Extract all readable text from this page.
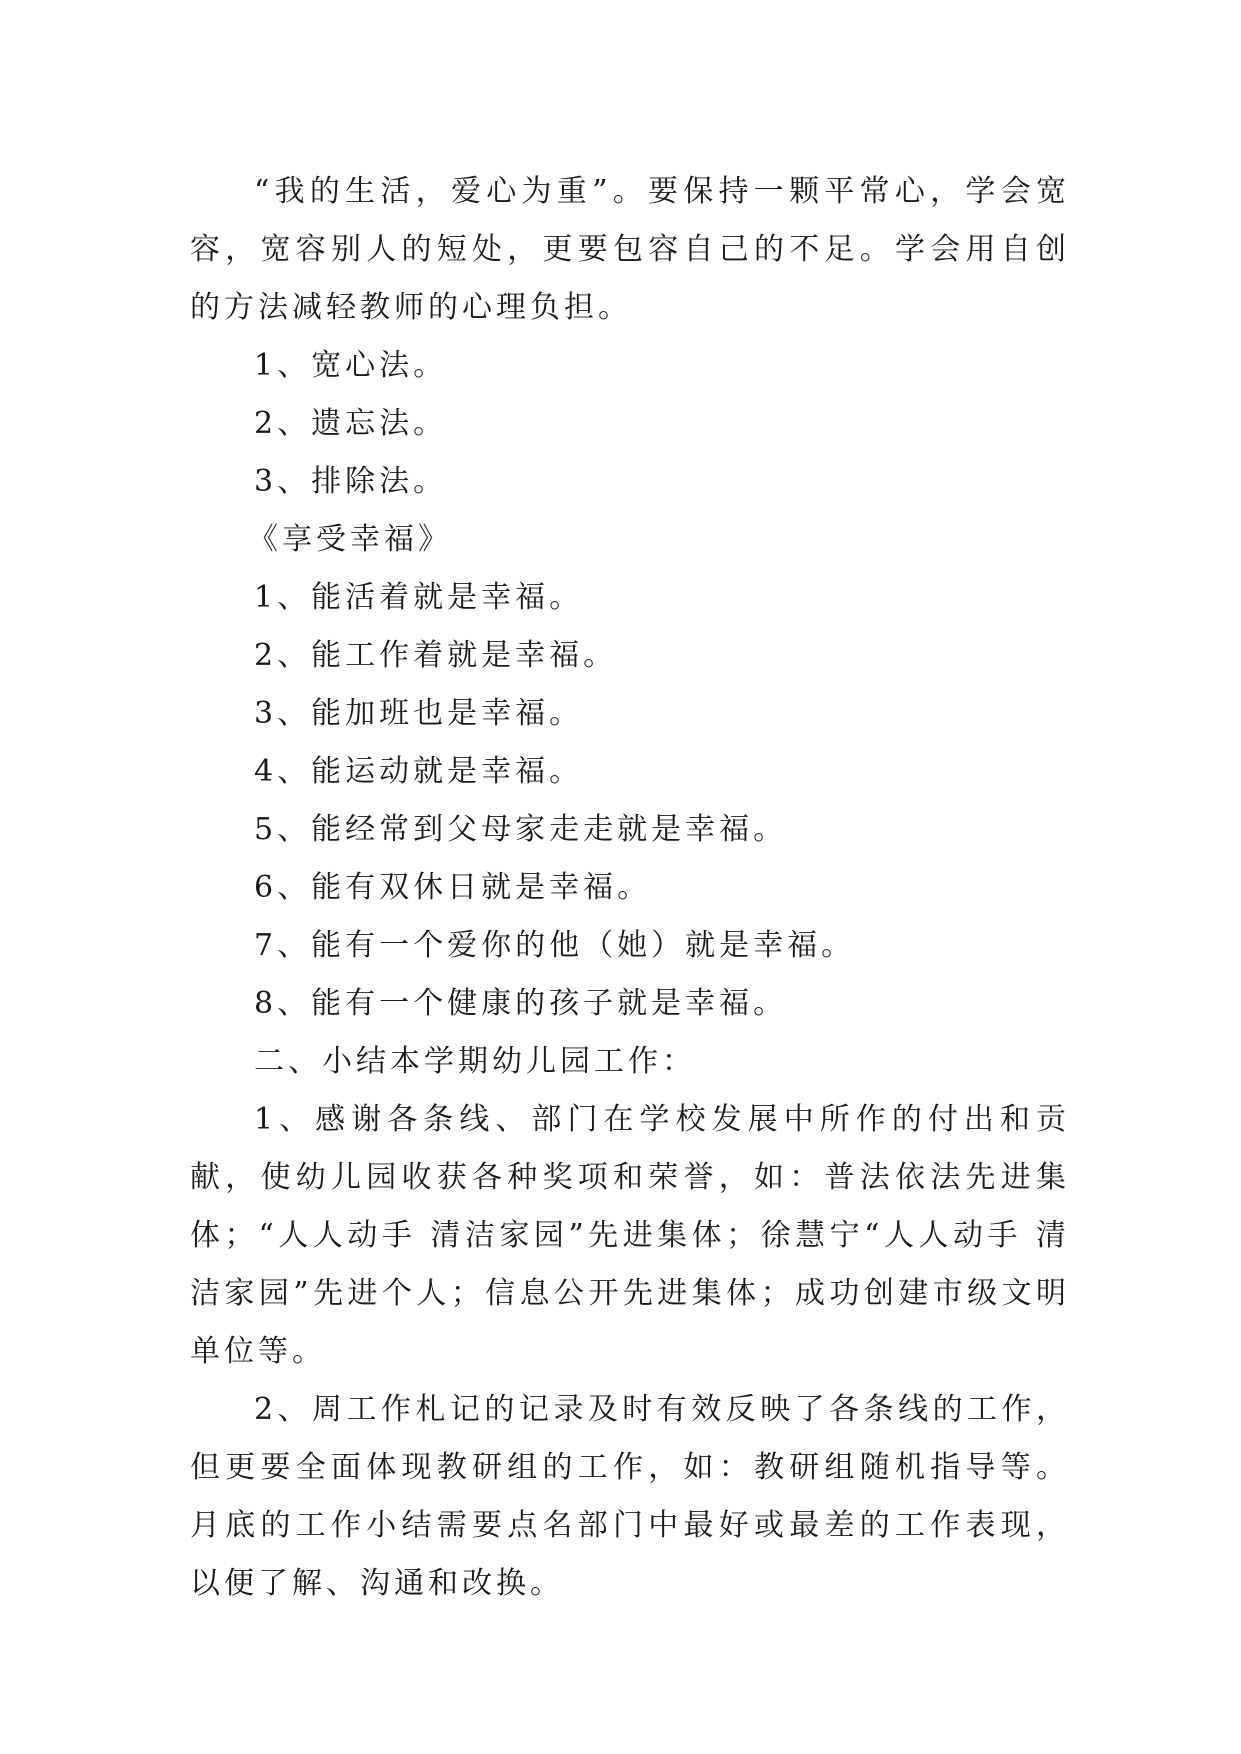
“我的生活，爱心为重”。要保持一颗平常心，学会宽容，宽容别人的短处，更要包容自己的不足。学会用自创的方法减轻教师的心理负担。

1、宽心法。

2、遗忘法。

3、排除法。

《享受幸福》

1、能活着就是幸福。

2、能工作着就是幸福。

3、能加班也是幸福。

4、能运动就是幸福。

5、能经常到父母家走走就是幸福。

6、能有双休日就是幸福。

7、能有一个爱你的他（她）就是幸福。

8、能有一个健康的孩子就是幸福。

二、小结本学期幼儿园工作：

1、感谢各条线、部门在学校发展中所作的付出和贡献，使幼儿园收获各种奖项和荣誉，如：普法依法先进集体；“人人动手 清洁家园”先进集体；徐慧宁“人人动手 清洁家园”先进个人；信息公开先进集体；成功创建市级文明单位等。

2、周工作札记的记录及时有效反映了各条线的工作，但更要全面体现教研组的工作，如：教研组随机指导等。月底的工作小结需要点名部门中最好或最差的工作表现，以便了解、沟通和改换。
